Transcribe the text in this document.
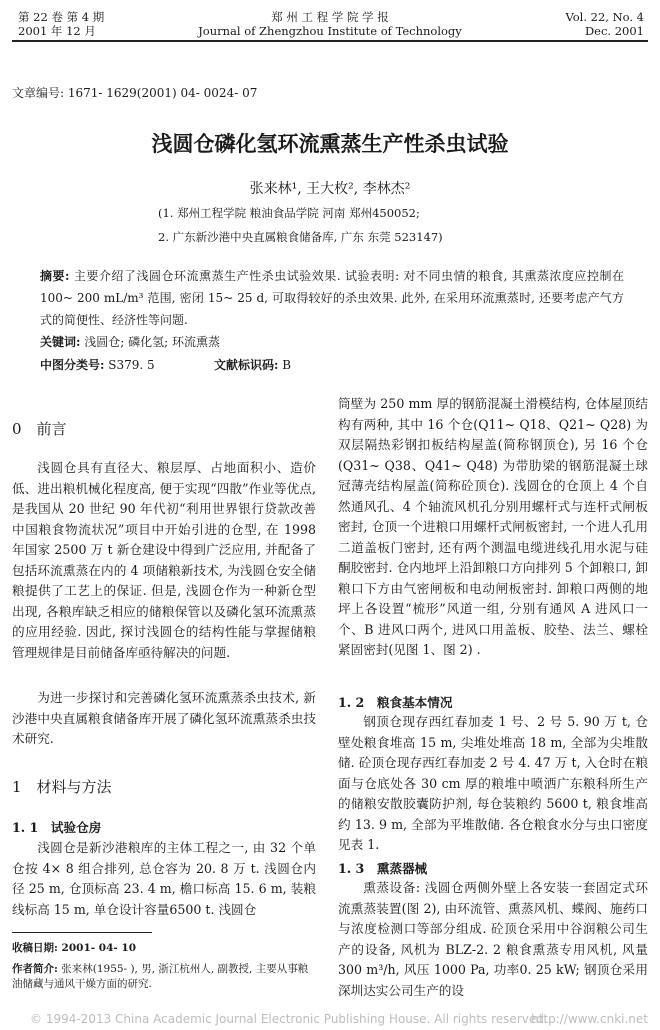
第 22 卷 第 4 期
2001 年 12 月
郑 州 工 程 学 院 学 报
Journal of Zhengzhou Institute of Technology
Vol. 22, No. 4
Dec. 2001
文章编号: 1671- 1629(2001) 04- 0024- 07
浅圆仓磷化氢环流熏蒸生产性杀虫试验
张来林¹, 王大枚², 李林杰²
(1. 郑州工程学院 粮油食品学院 河南 郑州450052;
2. 广东新沙港中央直属粮食储备库, 广东 东莞 523147)
摘要: 主要介绍了浅圆仓环流熏蒸生产性杀虫试验效果. 试验表明: 对不同虫情的粮食, 其熏蒸浓度应控制在 100~ 200 mL/m³ 范围, 密闭 15~ 25 d, 可取得较好的杀虫效果. 此外, 在采用环流熏蒸时, 还要考虑产气方式的简便性、经济性等问题.
关键词: 浅圆仓; 磷化氢; 环流熏蒸
中图分类号: S379. 5	文献标识码: B
0　前言
浅圆仓具有直径大、粮层厚、占地面积小、造价低、进出粮机械化程度高, 便于实现“四散”作业等优点, 是我国从 20 世纪 90 年代初“利用世界银行贷款改善中国粮食物流状况”项目中开始引进的仓型, 在 1998 年国家 2500 万 t 新仓建设中得到广泛应用, 并配备了包括环流熏蒸在内的 4 项储粮新技术, 为浅圆仓安全储粮提供了工艺上的保证. 但是, 浅圆仓作为一种新仓型出现, 各粮库缺乏相应的储粮保管以及磷化氢环流熏蒸的应用经验. 因此, 探讨浅圆仓的结构性能与掌握储粮管理规律是目前储备库亟待解决的问题.
为进一步探讨和完善磷化氢环流熏蒸杀虫技术, 新沙港中央直属粮食储备库开展了磷化氢环流熏蒸杀虫技术研究.
1　材料与方法
1. 1　试验仓房
浅圆仓是新沙港粮库的主体工程之一, 由 32 个单仓按 4× 8 组合排列, 总仓容为 20. 8 万 t. 浅圆仓内径 25 m, 仓顶标高 23. 4 m, 檐口标高 15. 6 m, 装粮线标高 15 m, 单仓设计容量6500 t. 浅圆仓
收稿日期: 2001- 04- 10
作者简介: 张来林(1955- ), 男, 浙江杭州人, 副教授, 主要从事粮油储藏与通风干燥方面的研究.
筒壁为 250 mm 厚的钢筋混凝土滑模结构, 仓体屋顶结构有两种, 其中 16 个仓(Q11~ Q18、Q21~ Q28) 为双层隔热彩钢扣板结构屋盖(简称钢顶仓), 另 16 个仓(Q31~ Q38、Q41~ Q48) 为带肋梁的钢筋混凝土球冠薄壳结构屋盖(简称砼顶仓). 浅圆仓的仓顶上 4 个自然通风孔、4 个轴流风机孔分别用螺杆式与连杆式闸板密封, 仓顶一个进粮口用螺杆式闸板密封, 一个进人孔用二道盖板门密封, 还有两个测温电缆进线孔用水泥与硅酮胶密封. 仓内地坪上沿卸粮口方向排列 5 个卸粮口, 卸粮口下方由气密闸板和电动闸板密封. 卸粮口两侧的地坪上各设置“梳形”风道一组, 分别有通风 A 进风口一个、B 进风口两个, 进风口用盖板、胶垫、法兰、螺栓紧固密封(见图 1、图 2) .
1. 2　粮食基本情况
钢顶仓现存西红春加麦 1 号、2 号 5. 90 万 t, 仓壁处粮食堆高 15 m, 尖堆处堆高 18 m, 全部为尖堆散储. 砼顶仓现存西红春加麦 2 号 4. 47 万 t, 入仓时在粮面与仓底处各 30 cm 厚的粮堆中喷洒广东粮科所生产的储粮安散胶囊防护剂, 每仓装粮约 5600 t, 粮食堆高约 13. 9 m, 全部为平堆散储. 各仓粮食水分与虫口密度见表 1.
1. 3　熏蒸器械
熏蒸设备: 浅圆仓两侧外壁上各安装一套固定式环流熏蒸装置(图 2), 由环流管、熏蒸风机、蝶阀、施药口与浓度检测口等部分组成. 砼顶仓采用中谷润粮公司生产的设备, 风机为 BLZ-2. 2 粮食熏蒸专用风机, 风量 300 m³/h, 风压 1000 Pa, 功率0. 25 kW; 钢顶仓采用深圳达实公司生产的设
© 1994-2013 China Academic Journal Electronic Publishing House. All rights reserved.
http://www.cnki.net
